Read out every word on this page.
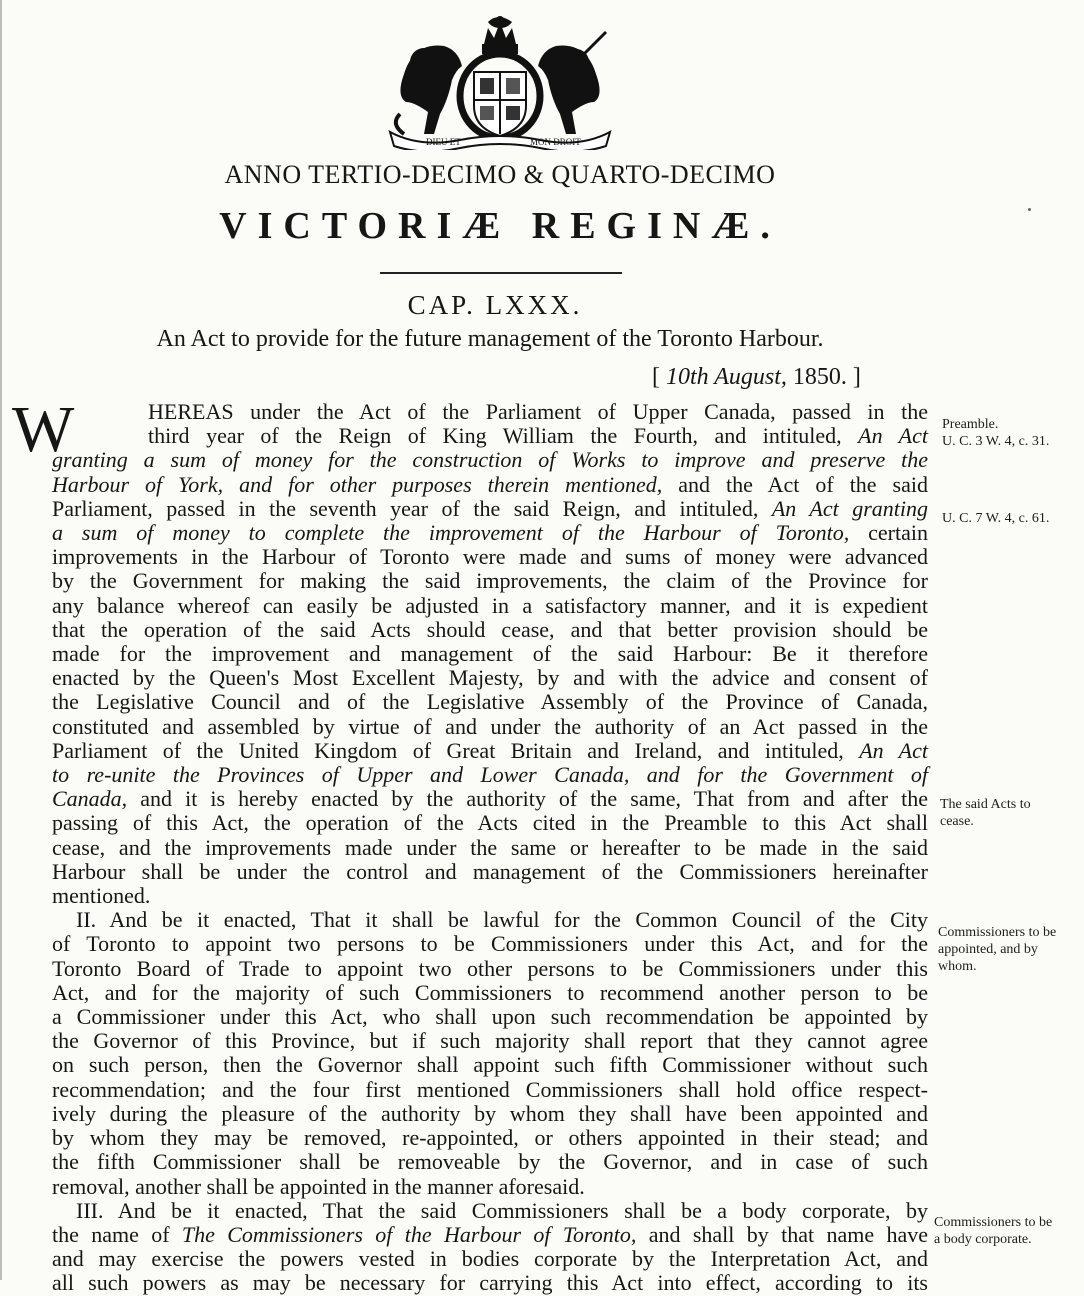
DIEU ET	MON DROIT
ANNO TERTIO-DECIMO & QUARTO-DECIMO
VICTORIÆ REGINÆ.
CAP. LXXX.
An Act to provide for the future management of the Toronto Harbour.
[ 10th August, 1850. ]
W	HEREAS under the Act of the Parliament of Upper Canada, passed in the
third year of the Reign of King William the Fourth, and intituled, An Act
granting a sum of money for the construction of Works to improve and preserve the
Harbour of York, and for other purposes therein mentioned, and the Act of the said
Parliament, passed in the seventh year of the said Reign, and intituled, An Act granting
a sum of money to complete the improvement of the Harbour of Toronto, certain
improvements in the Harbour of Toronto were made and sums of money were advanced
by the Government for making the said improvements, the claim of the Province for
any balance whereof can easily be adjusted in a satisfactory manner, and it is expedient
that the operation of the said Acts should cease, and that better provision should be
made for the improvement and management of the said Harbour: Be it therefore
enacted by the Queen's Most Excellent Majesty, by and with the advice and consent of
the Legislative Council and of the Legislative Assembly of the Province of Canada,
constituted and assembled by virtue of and under the authority of an Act passed in the
Parliament of the United Kingdom of Great Britain and Ireland, and intituled, An Act
to re-unite the Provinces of Upper and Lower Canada, and for the Government of
Canada, and it is hereby enacted by the authority of the same, That from and after the
passing of this Act, the operation of the Acts cited in the Preamble to this Act shall
cease, and the improvements made under the same or hereafter to be made in the said
Harbour shall be under the control and management of the Commissioners hereinafter
mentioned.
II. And be it enacted, That it shall be lawful for the Common Council of the City
of Toronto to appoint two persons to be Commissioners under this Act, and for the
Toronto Board of Trade to appoint two other persons to be Commissioners under this
Act, and for the majority of such Commissioners to recommend another person to be
a Commissioner under this Act, who shall upon such recommendation be appointed by
the Governor of this Province, but if such majority shall report that they cannot agree
on such person, then the Governor shall appoint such fifth Commissioner without such
recommendation; and the four first mentioned Commissioners shall hold office respect-
ively during the pleasure of the authority by whom they shall have been appointed and
by whom they may be removed, re-appointed, or others appointed in their stead; and
the fifth Commissioner shall be removeable by the Governor, and in case of such
removal, another shall be appointed in the manner aforesaid.
III. And be it enacted, That the said Commissioners shall be a body corporate, by
the name of The Commissioners of the Harbour of Toronto, and shall by that name have
and may exercise the powers vested in bodies corporate by the Interpretation Act, and
all such powers as may be necessary for carrying this Act into effect, according to its
Preamble.
U. C. 3 W. 4, c. 31.
U. C. 7 W. 4, c. 61.
The said Acts to
cease.
Commissioners to be
appointed, and by
whom.
Commissioners to be
a body corporate.
